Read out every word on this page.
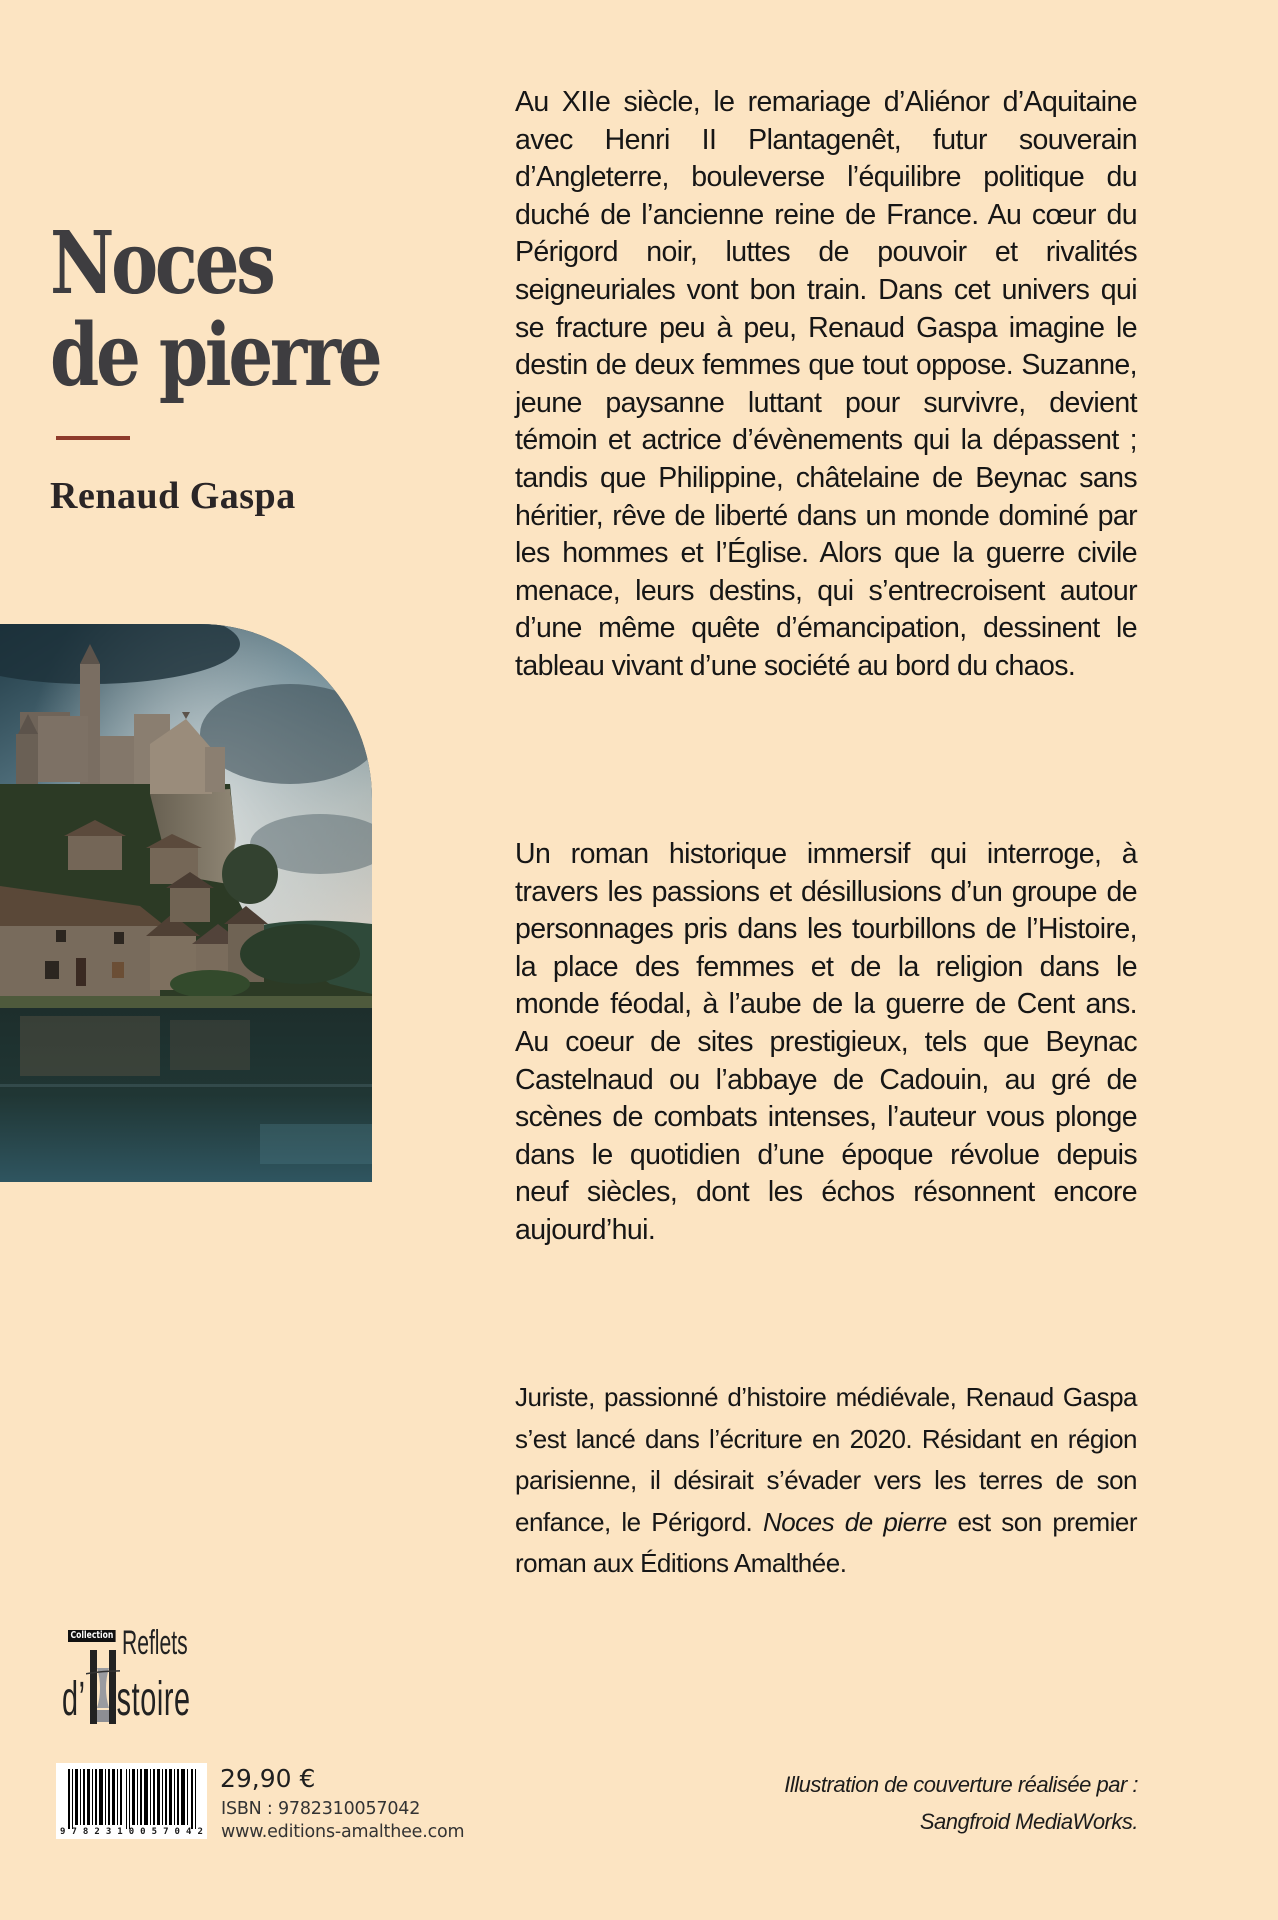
Noces
de pierre
Renaud Gaspa

Au XIIe siècle, le remariage d’Aliénor d’Aquitaine avec Henri II Plantagenêt, futur souverain d’Angleterre, bouleverse l’équilibre politique du duché de l’ancienne reine de France. Au cœur du Périgord noir, luttes de pouvoir et rivalités seigneuriales vont bon train. Dans cet univers qui se fracture peu à peu, Renaud Gaspa imagine le destin de deux femmes que tout oppose. Suzanne, jeune paysanne luttant pour survivre, devient témoin et actrice d’évènements qui la dépassent ; tandis que Philippine, châtelaine de Beynac sans héritier, rêve de liberté dans un monde dominé par les hommes et l’Église. Alors que la guerre civile menace, leurs destins, qui s’entrecroisent autour d’une même quête d’émancipation, dessinent le tableau vivant d’une société au bord du chaos.

Un roman historique immersif qui interroge, à travers les passions et désillusions d’un groupe de personnages pris dans les tourbillons de l’Histoire, la place des femmes et de la religion dans le monde féodal, à l’aube de la guerre de Cent ans. Au coeur de sites prestigieux, tels que Beynac Castelnaud ou l’abbaye de Cadouin, au gré de scènes de combats intenses, l’auteur vous plonge dans le quotidien d’une époque révolue depuis neuf siècles, dont les échos résonnent encore aujourd’hui.

Juriste, passionné d’histoire médiévale, Renaud Gaspa s’est lancé dans l’écriture en 2020. Résidant en région parisienne, il désirait s’évader vers les terres de son enfance, le Périgord. Noces de pierre est son premier roman aux Éditions Amalthée.

Collection Reflets
d’ istoire
9 7 8 2 3 1 0 0 5 7 0 4 2
29,90 €
ISBN : 9782310057042
www.editions-amalthee.com
Illustration de couverture réalisée par :
Sangfroid MediaWorks.
